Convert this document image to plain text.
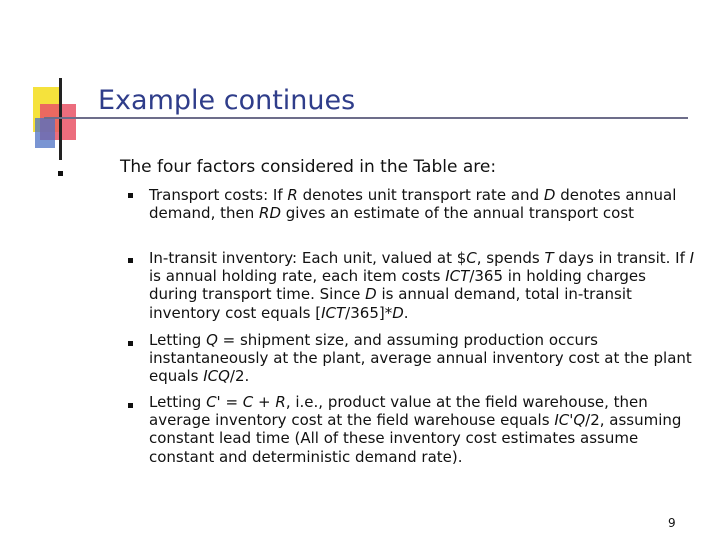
Example continues
The four factors considered in the Table are:
Transport costs: If R denotes unit transport rate and D denotes annual demand, then RD gives an estimate of the annual transport cost
In-transit inventory: Each unit, valued at $C, spends T days in transit. If I is annual holding rate, each item costs ICT/365 in holding charges during transport time. Since D is annual demand, total in-transit inventory cost equals [ICT/365]*D.
Letting Q = shipment size, and assuming production occurs instantaneously at the plant, average annual inventory cost at the plant equals ICQ/2.
Letting C' = C + R, i.e., product value at the field warehouse, then average inventory cost at the field warehouse equals IC'Q/2, assuming constant lead time (All of these inventory cost estimates assume constant and deterministic demand rate).
9
